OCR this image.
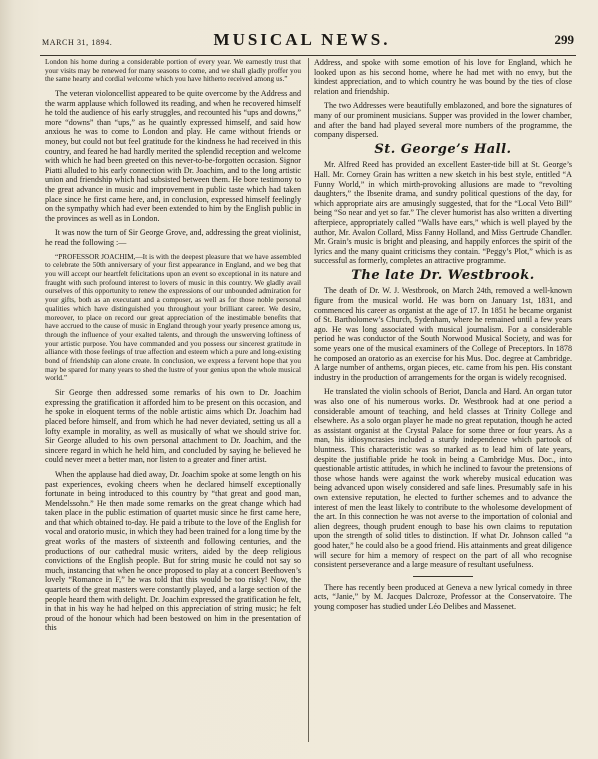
MARCH 31, 1894.	MUSICAL NEWS.	299

London his home during a considerable portion of every year. We earnestly trust that your visits may be renewed for many seasons to come, and we shall gladly proffer you the same hearty and cordial welcome which you have hitherto received among us.”

The veteran violoncellist appeared to be quite overcome by the Address and the warm applause which followed its reading, and when he recovered himself he told the audience of his early struggles, and recounted his “ups and downs,” more “downs” than “ups,” as he quaintly expressed himself, and said how anxious he was to come to London and play. He came without friends or money, but could not but feel gratitude for the kindness he had received in this country, and feared he had hardly merited the splendid reception and welcome with which he had been greeted on this never-to-be-forgotten occasion. Signor Piatti alluded to his early connection with Dr. Joachim, and to the long artistic union and friendship which had subsisted between them. He bore testimony to the great advance in music and improvement in public taste which had taken place since he first came here, and, in conclusion, expressed himself feelingly on the sympathy which had ever been extended to him by the English public in the provinces as well as in London.

It was now the turn of Sir George Grove, and, addressing the great violinist, he read the following :—

“PROFESSOR JOACHIM,—It is with the deepest pleasure that we have assembled to celebrate the 50th anniversary of your first appearance in England, and we beg that you will accept our heartfelt felicitations upon an event so exceptional in its nature and fraught with such profound interest to lovers of music in this country. We gladly avail ourselves of this opportunity to renew the expressions of our unbounded admiration for your gifts, both as an executant and a composer, as well as for those noble personal qualities which have distinguished you throughout your brilliant career. We desire, moreover, to place on record our great appreciation of the inestimable benefits that have accrued to the cause of music in England through your yearly presence among us, through the influence of your exalted talents, and through the unswerving loftiness of your artistic purpose. You have commanded and you possess our sincerest gratitude in alliance with those feelings of true affection and esteem which a pure and long-existing bond of friendship can alone create. In conclusion, we express a fervent hope that you may be spared for many years to shed the lustre of your genius upon the whole musical world.”

Sir George then addressed some remarks of his own to Dr. Joachim expressing the gratification it afforded him to be present on this occasion, and he spoke in eloquent terms of the noble artistic aims which Dr. Joachim had placed before himself, and from which he had never deviated, setting us all a lofty example in morality, as well as musically of what we should strive for. Sir George alluded to his own personal attachment to Dr. Joachim, and the sincere regard in which he held him, and concluded by saying he believed he could never meet a better man, nor listen to a greater and finer artist.

When the applause had died away, Dr. Joachim spoke at some length on his past experiences, evoking cheers when he declared himself exceptionally fortunate in being introduced to this country by “that great and good man, Mendelssohn.” He then made some remarks on the great change which had taken place in the public estimation of quartet music since he first came here, and that which obtained to-day. He paid a tribute to the love of the English for vocal and oratorio music, in which they had been trained for a long time by the great works of the masters of sixteenth and following centuries, and the productions of our cathedral music writers, aided by the deep religious convictions of the English people. But for string music he could not say so much, instancing that when he once proposed to play at a concert Beethoven’s lovely “Romance in F,” he was told that this would be too risky! Now, the quartets of the great masters were constantly played, and a large section of the people heard them with delight. Dr. Joachim expressed the gratification he felt, in that in his way he had helped on this appreciation of string music; he felt proud of the honour which had been bestowed on him in the presentation of this

Address, and spoke with some emotion of his love for England, which he looked upon as his second home, where he had met with no envy, but the kindest appreciation, and to which country he was bound by the ties of close relation and friendship.

The two Addresses were beautifully emblazoned, and bore the signatures of many of our prominent musicians. Supper was provided in the lower chamber, and after the band had played several more numbers of the programme, the company dispersed.

St. George’s Hall.

Mr. Alfred Reed has provided an excellent Easter-tide bill at St. George’s Hall. Mr. Corney Grain has written a new sketch in his best style, entitled “A Funny World,” in which mirth-provoking allusions are made to “revolting daughters,” the Ibsenite drama, and sundry political questions of the day, for which appropriate airs are amusingly suggested, that for the “Local Veto Bill” being “So near and yet so far.” The clever humorist has also written a diverting afterpiece, appropriately called “Walls have ears,” which is well played by the author, Mr. Avalon Collard, Miss Fanny Holland, and Miss Gertrude Chandler. Mr. Grain’s music is bright and pleasing, and happily enforces the spirit of the lyrics and the many quaint criticisms they contain. “Peggy’s Plot,” which is as successful as formerly, completes an attractive programme.

The late Dr. Westbrook.

The death of Dr. W. J. Westbrook, on March 24th, removed a well-known figure from the musical world. He was born on January 1st, 1831, and commenced his career as organist at the age of 17. In 1851 he became organist of St. Bartholomew’s Church, Sydenham, where he remained until a few years ago. He was long associated with musical journalism. For a considerable period he was conductor of the South Norwood Musical Society, and was for some years one of the musical examiners of the College of Preceptors. In 1878 he composed an oratorio as an exercise for his Mus. Doc. degree at Cambridge. A large number of anthems, organ pieces, etc. came from his pen. His constant industry in the production of arrangements for the organ is widely recognised.

He translated the violin schools of Beriot, Dancla and Hard. An organ tutor was also one of his numerous works. Dr. Westbrook had at one period a considerable amount of teaching, and held classes at Trinity College and elsewhere. As a solo organ player he made no great reputation, though he acted as assistant organist at the Crystal Palace for some three or four years. As a man, his idiosyncrasies included a sturdy independence which partook of bluntness. This characteristic was so marked as to lead him of late years, despite the justifiable pride he took in being a Cambridge Mus. Doc., into questionable artistic attitudes, in which he inclined to favour the pretensions of those whose hands were against the work whereby musical education was being advanced upon wisely considered and safe lines. Presumably safe in his own extensive reputation, he elected to further schemes and to advance the interest of men the least likely to contribute to the wholesome development of the art. In this connection he was not averse to the importation of colonial and alien degrees, though prudent enough to base his own claims to reputation upon the strength of solid titles to distinction. If what Dr. Johnson called “a good hater,” he could also be a good friend. His attainments and great diligence will secure for him a memory of respect on the part of all who recognise consistent perseverance and a large measure of resultant usefulness.

There has recently been produced at Geneva a new lyrical comedy in three acts, “Janie,” by M. Jacques Dalcroze, Professor at the Conservatoire. The young composer has studied under Léo Delibes and Massenet.
